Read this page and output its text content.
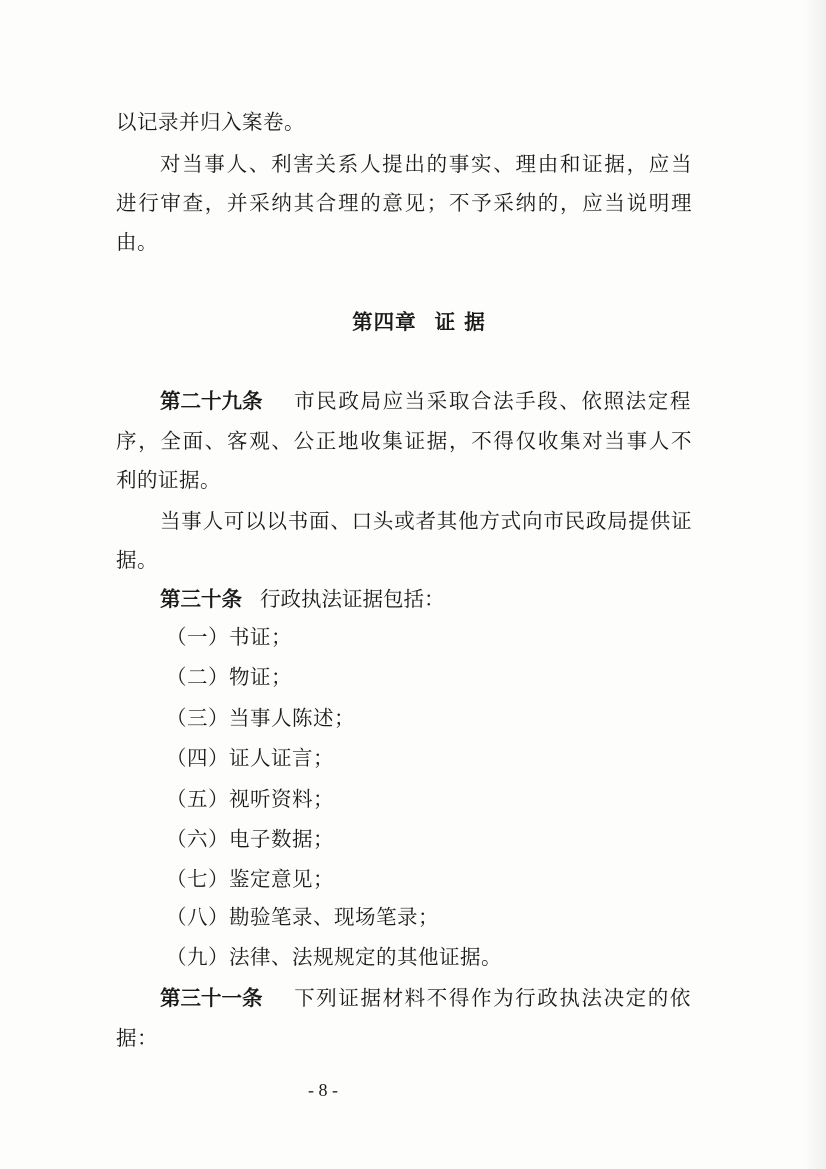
以记录并归入案卷。
对当事人、利害关系人提出的事实、理由和证据，应当
进行审查，并采纳其合理的意见；不予采纳的，应当说明理
由。
第四章 证 据
第二十九条 市民政局应当采取合法手段、依照法定程
序，全面、客观、公正地收集证据，不得仅收集对当事人不
利的证据。
当事人可以以书面、口头或者其他方式向市民政局提供证
据。
第三十条 行政执法证据包括：
（一）书证；
（二）物证；
（三）当事人陈述；
（四）证人证言；
（五）视听资料；
（六）电子数据；
（七）鉴定意见；
（八）勘验笔录、现场笔录；
（九）法律、法规规定的其他证据。
第三十一条 下列证据材料不得作为行政执法决定的依
据：
- 8 -
